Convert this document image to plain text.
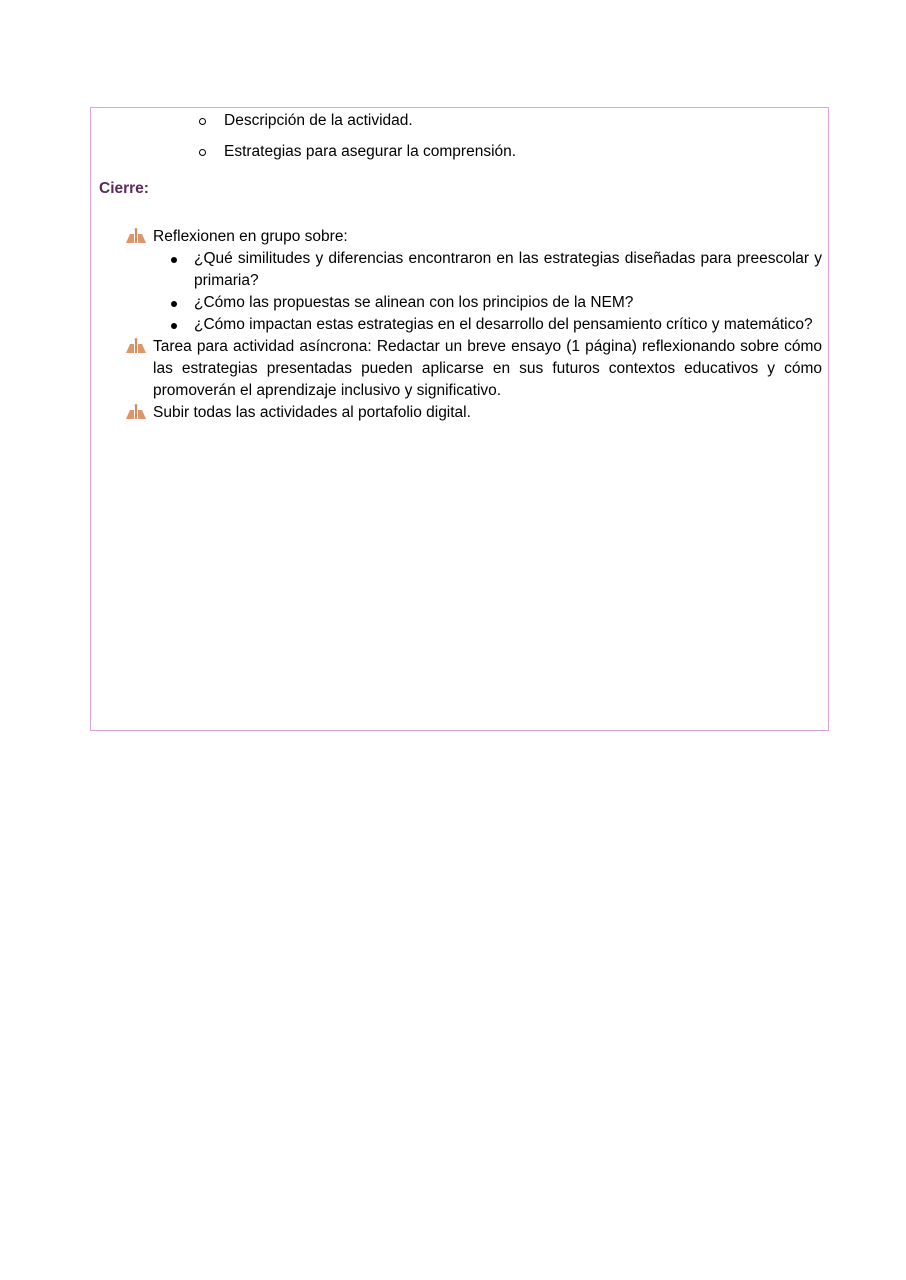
Descripción de la actividad.
Estrategias para asegurar la comprensión.
Cierre:
Reflexionen en grupo sobre:
¿Qué similitudes y diferencias encontraron en las estrategias diseñadas para preescolar y primaria?
¿Cómo las propuestas se alinean con los principios de la NEM?
¿Cómo impactan estas estrategias en el desarrollo del pensamiento crítico y matemático?
Tarea para actividad asíncrona: Redactar un breve ensayo (1 página) reflexionando sobre cómo las estrategias presentadas pueden aplicarse en sus futuros contextos educativos y cómo promoverán el aprendizaje inclusivo y significativo.
Subir todas las actividades al portafolio digital.
